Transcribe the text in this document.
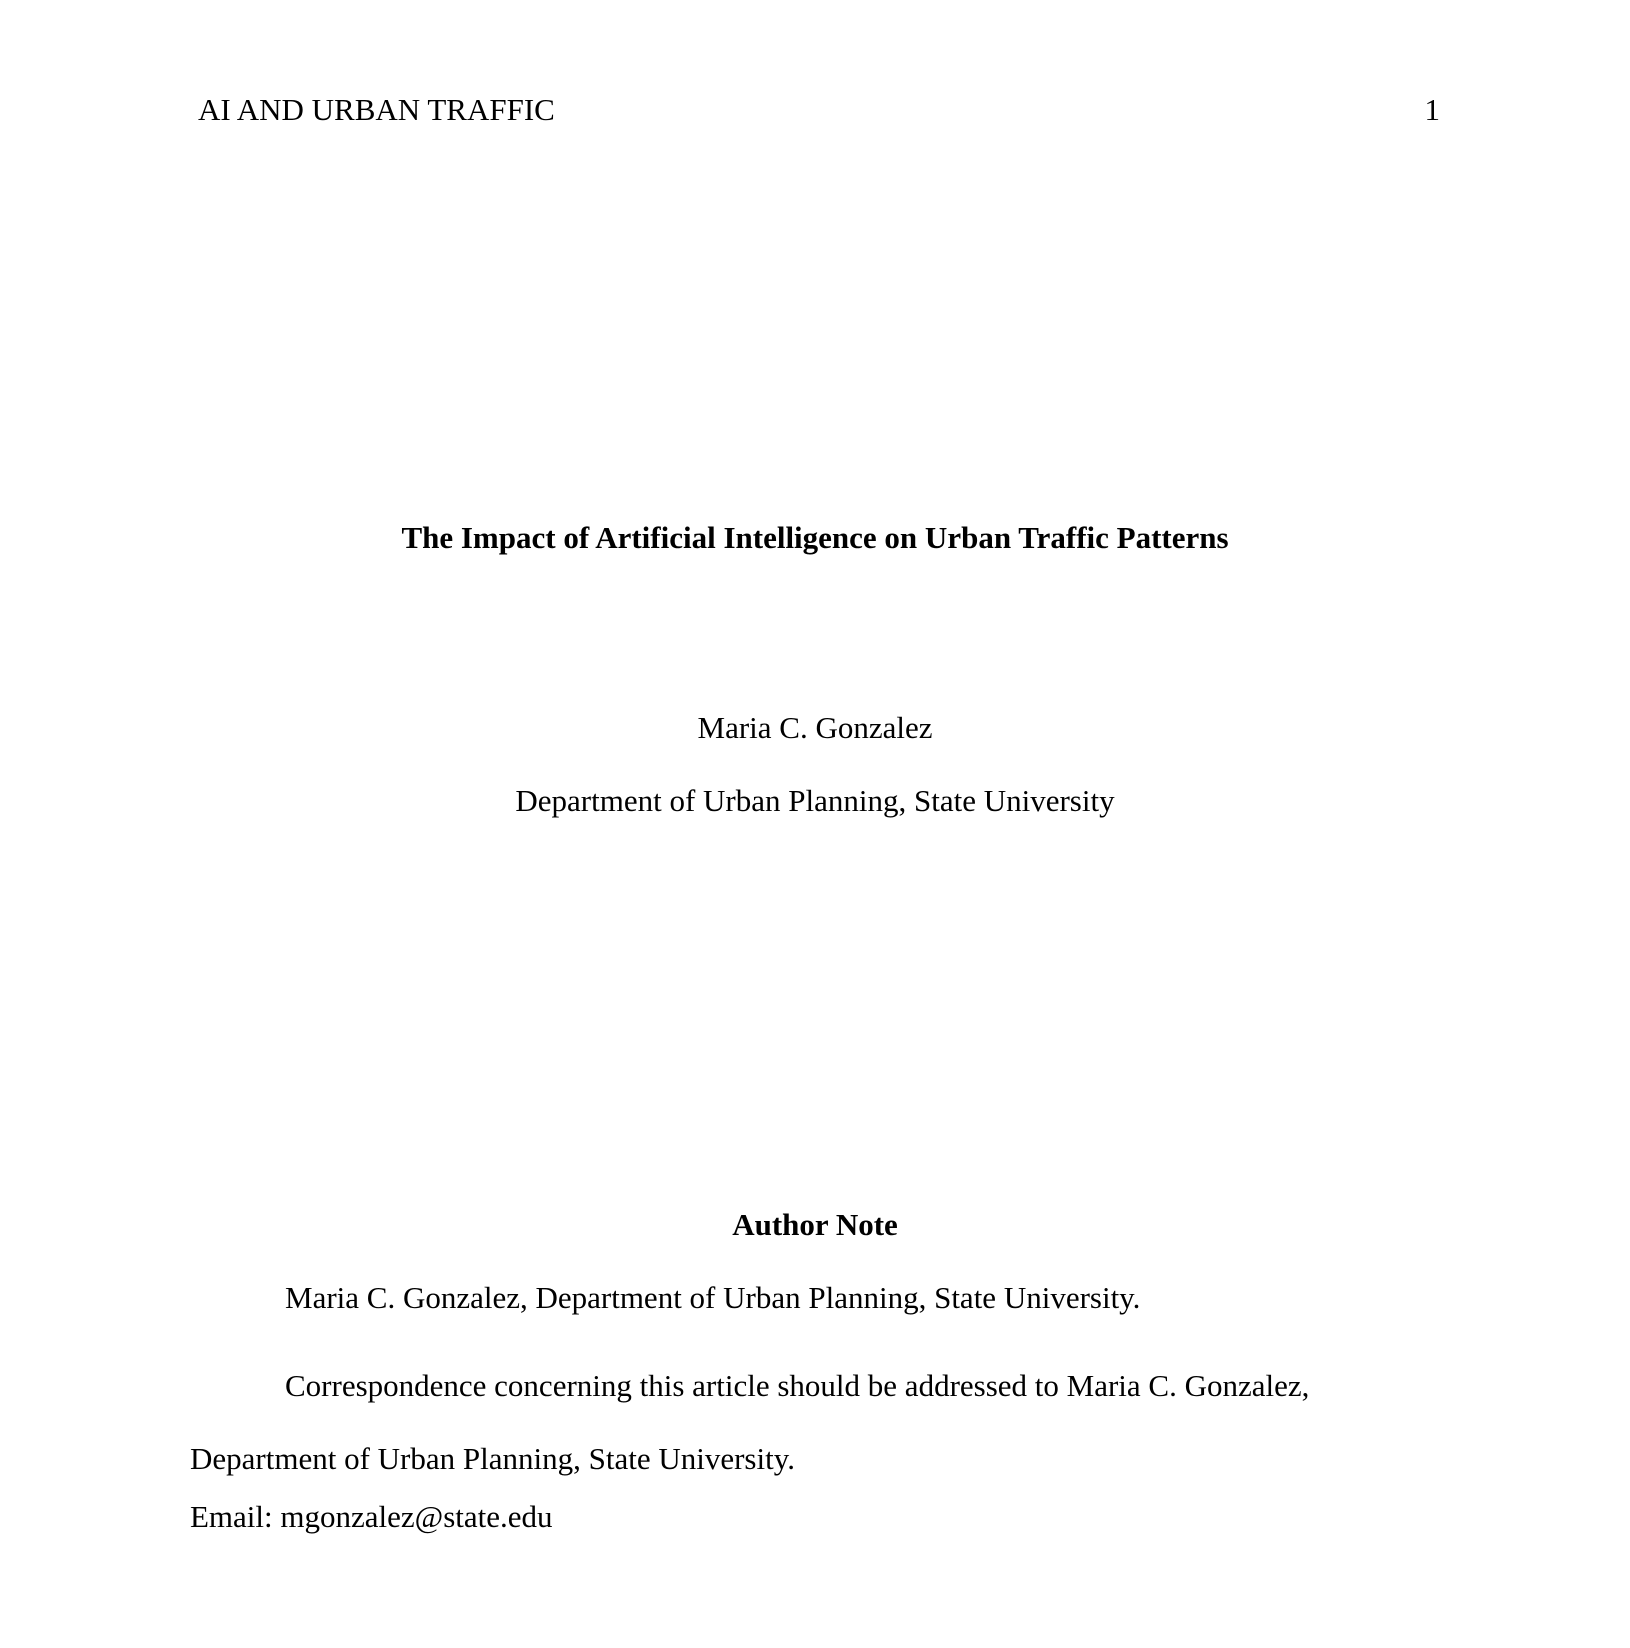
AI AND URBAN TRAFFIC	1
The Impact of Artificial Intelligence on Urban Traffic Patterns
Maria C. Gonzalez
Department of Urban Planning, State University
Author Note
Maria C. Gonzalez, Department of Urban Planning, State University.
Correspondence concerning this article should be addressed to Maria C. Gonzalez,
Department of Urban Planning, State University.
Email: mgonzalez@state.edu
